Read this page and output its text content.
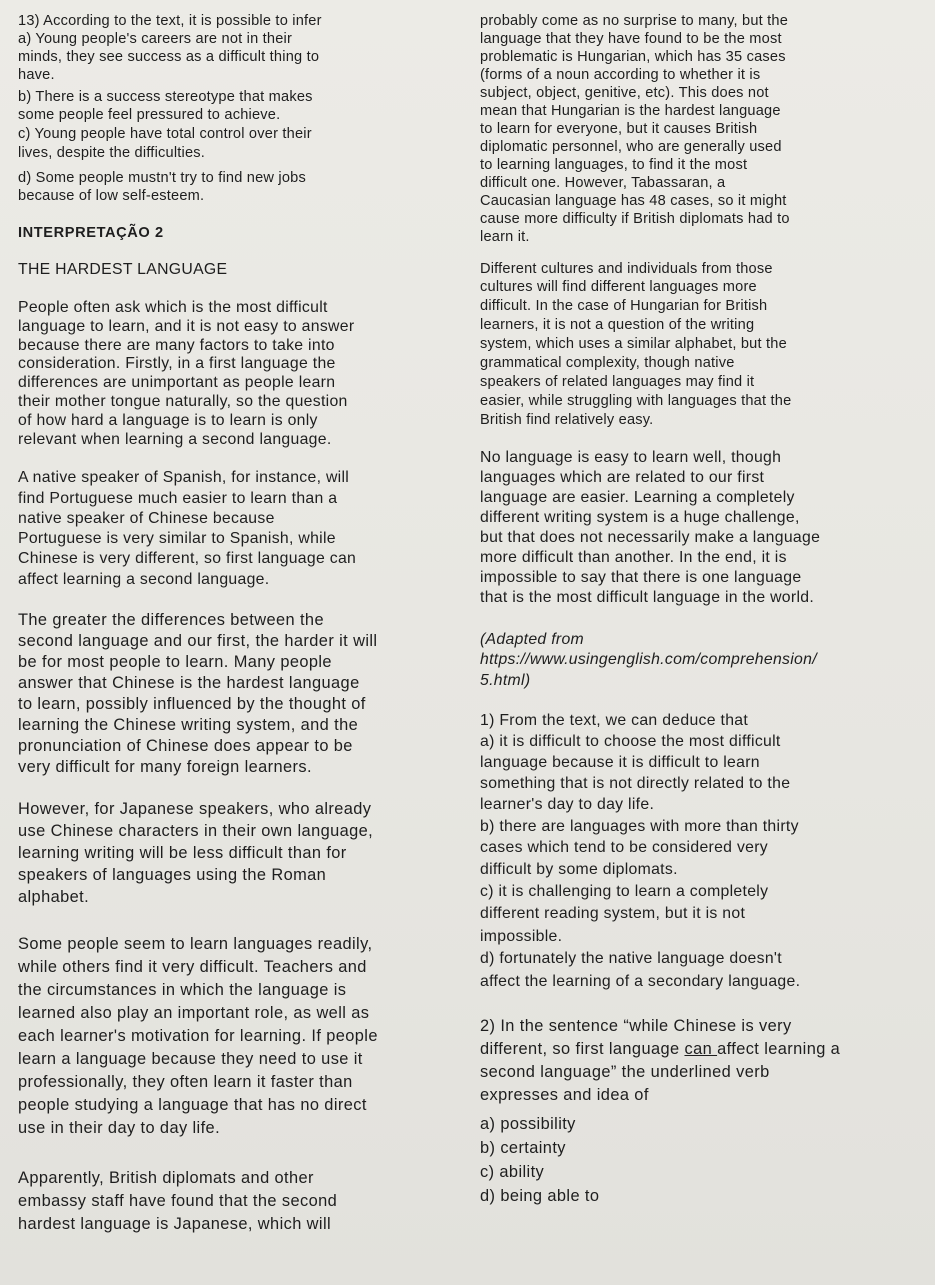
13) According to the text, it is possible to infer
a) Young people's careers are not in their
minds, they see success as a difficult thing to
have.
b) There is a success stereotype that makes
some people feel pressured to achieve.
c) Young people have total control over their
lives, despite the difficulties.
d) Some people mustn't try to find new jobs
because of low self-esteem.
INTERPRETAÇÃO 2
THE HARDEST LANGUAGE
People often ask which is the most difficult
language to learn, and it is not easy to answer
because there are many factors to take into
consideration. Firstly, in a first language the
differences are unimportant as people learn
their mother tongue naturally, so the question
of how hard a language is to learn is only
relevant when learning a second language.
A native speaker of Spanish, for instance, will
find Portuguese much easier to learn than a
native speaker of Chinese because
Portuguese is very similar to Spanish, while
Chinese is very different, so first language can
affect learning a second language.
The greater the differences between the
second language and our first, the harder it will
be for most people to learn. Many people
answer that Chinese is the hardest language
to learn, possibly influenced by the thought of
learning the Chinese writing system, and the
pronunciation of Chinese does appear to be
very difficult for many foreign learners.
However, for Japanese speakers, who already
use Chinese characters in their own language,
learning writing will be less difficult than for
speakers of languages using the Roman
alphabet.
Some people seem to learn languages readily,
while others find it very difficult. Teachers and
the circumstances in which the language is
learned also play an important role, as well as
each learner's motivation for learning. If people
learn a language because they need to use it
professionally, they often learn it faster than
people studying a language that has no direct
use in their day to day life.
Apparently, British diplomats and other
embassy staff have found that the second
hardest language is Japanese, which will
probably come as no surprise to many, but the
language that they have found to be the most
problematic is Hungarian, which has 35 cases
(forms of a noun according to whether it is
subject, object, genitive, etc). This does not
mean that Hungarian is the hardest language
to learn for everyone, but it causes British
diplomatic personnel, who are generally used
to learning languages, to find it the most
difficult one. However, Tabassaran, a
Caucasian language has 48 cases, so it might
cause more difficulty if British diplomats had to
learn it.
Different cultures and individuals from those
cultures will find different languages more
difficult. In the case of Hungarian for British
learners, it is not a question of the writing
system, which uses a similar alphabet, but the
grammatical complexity, though native
speakers of related languages may find it
easier, while struggling with languages that the
British find relatively easy.
No language is easy to learn well, though
languages which are related to our first
language are easier. Learning a completely
different writing system is a huge challenge,
but that does not necessarily make a language
more difficult than another. In the end, it is
impossible to say that there is one language
that is the most difficult language in the world.
(Adapted from
https://www.usingenglish.com/comprehension/
5.html)
1) From the text, we can deduce that
a) it is difficult to choose the most difficult
language because it is difficult to learn
something that is not directly related to the
learner's day to day life.
b) there are languages with more than thirty
cases which tend to be considered very
difficult by some diplomats.
c) it is challenging to learn a completely
different reading system, but it is not
impossible.
d) fortunately the native language doesn't
affect the learning of a secondary language.
2) In the sentence “while Chinese is very
different, so first language can affect learning a
second language” the underlined verb
expresses and idea of
a) possibility
b) certainty
c) ability
d) being able to
